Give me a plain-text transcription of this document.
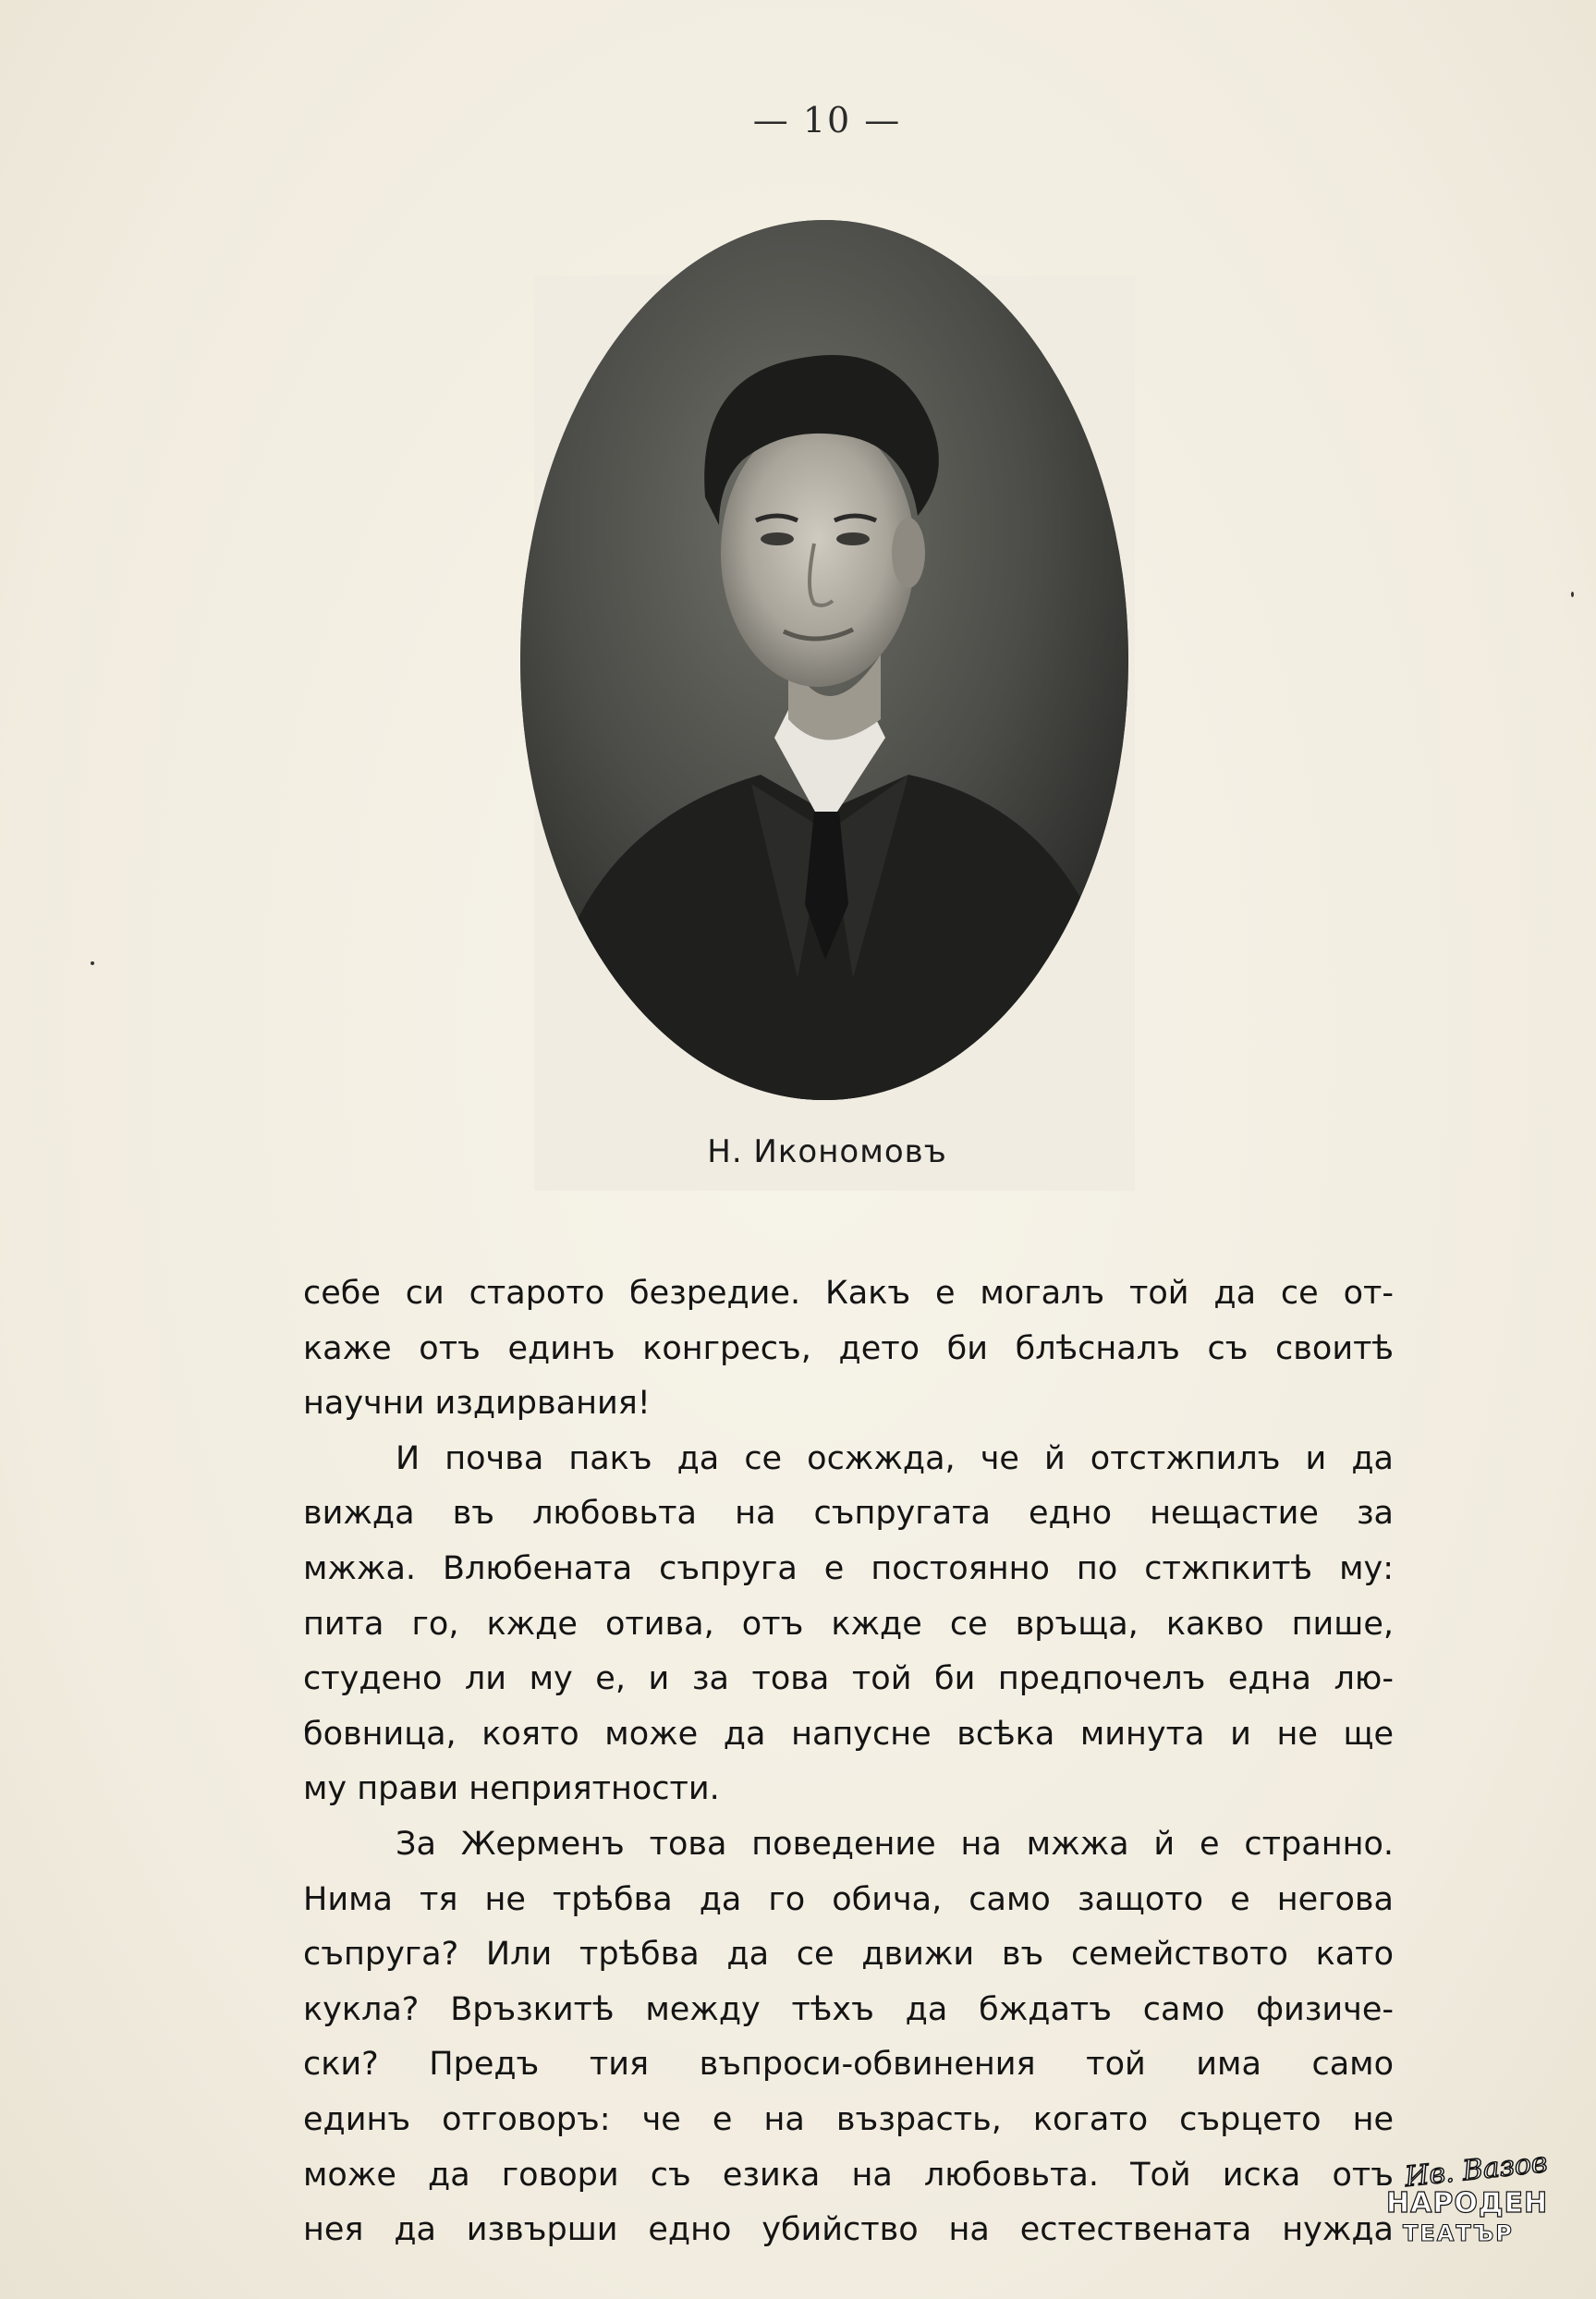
— 10 —
Н. Икономовъ
себе си старото безредие. Какъ е могалъ той да се от-
каже отъ единъ конгресъ, дето би блѣсналъ съ своитѣ
научни издирвания!
И почва пакъ да се осжжда, че й отстжпилъ и да
вижда въ любовьта на съпругата едно нещастие за
мжжа. Влюбената съпруга е постоянно по стжпкитѣ му:
пита го, кжде отива, отъ кжде се връща, какво пише,
студено ли му е, и за това той би предпочелъ една лю-
бовница, която може да напусне всѣка минута и не ще
му прави неприятности.
За Жерменъ това поведение на мжжа й е странно.
Нима тя не трѣбва да го обича, само защото е негова
съпруга? Или трѣбва да се движи въ семейството като
кукла? Връзкитѣ между тѣхъ да бждатъ само физиче-
ски? Предъ тия въпроси-обвинения той има само
единъ отговоръ: че е на възрасть, когато сърцето не
може да говори съ езика на любовьта. Той иска отъ
нея да извърши едно убийство на естествената нужда
Ив. Вазов
НАРОДЕН
ТЕАТЪР
